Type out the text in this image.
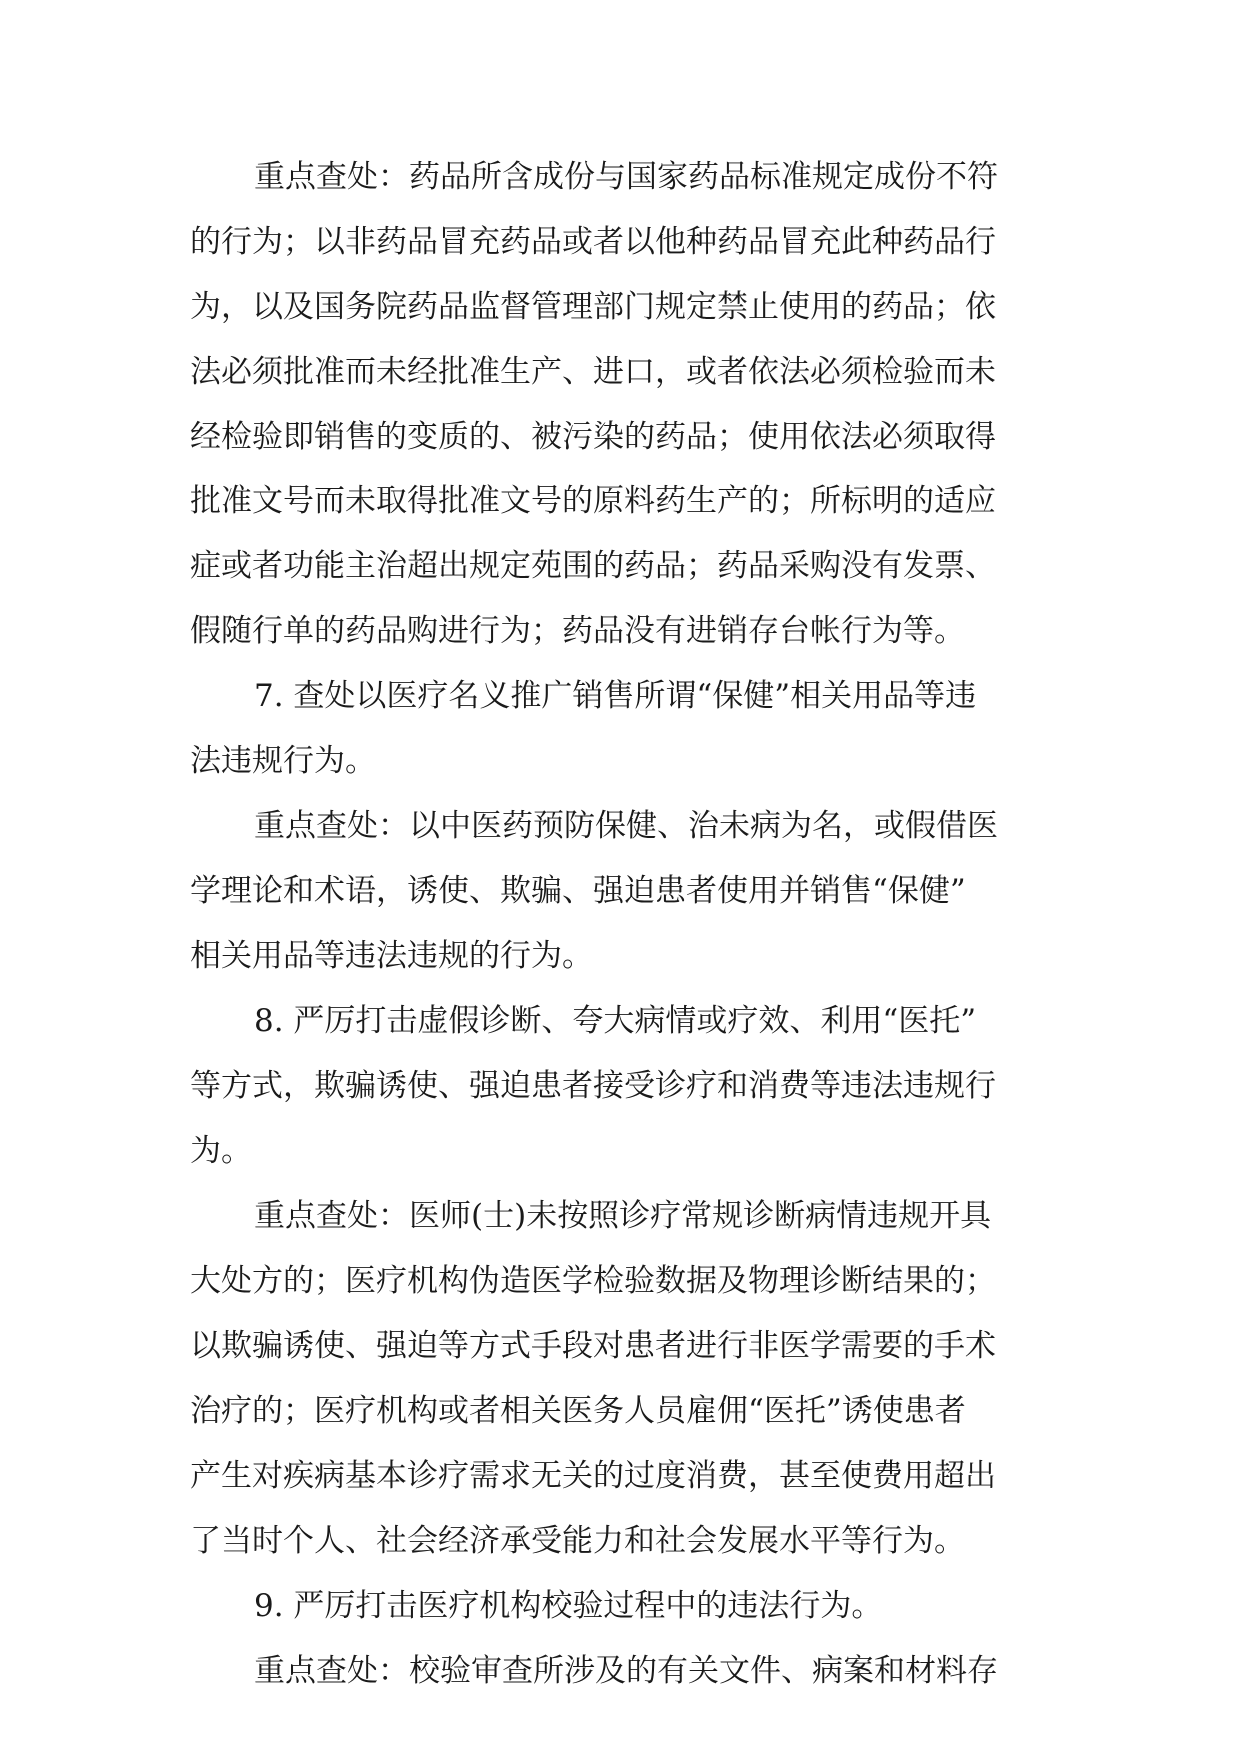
重点查处：药品所含成份与国家药品标准规定成份不符
的行为；以非药品冒充药品或者以他种药品冒充此种药品行
为，以及国务院药品监督管理部门规定禁止使用的药品；依
法必须批准而未经批准生产、进口，或者依法必须检验而未
经检验即销售的变质的、被污染的药品；使用依法必须取得
批准文号而未取得批准文号的原料药生产的；所标明的适应
症或者功能主治超出规定苑围的药品；药品采购没有发票、
假随行单的药品购进行为；药品没有进销存台帐行为等。
7. 查处以医疗名义推广销售所谓“保健”相关用品等违
法违规行为。
重点查处：以中医药预防保健、治未病为名，或假借医
学理论和术语，诱使、欺骗、强迫患者使用并销售“保健”
相关用品等违法违规的行为。
8. 严厉打击虚假诊断、夸大病情或疗效、利用“医托”
等方式，欺骗诱使、强迫患者接受诊疗和消费等违法违规行
为。
重点查处：医师(士)未按照诊疗常规诊断病情违规开具
大处方的；医疗机构伪造医学检验数据及物理诊断结果的；
以欺骗诱使、强迫等方式手段对患者进行非医学需要的手术
治疗的；医疗机构或者相关医务人员雇佣“医托”诱使患者
产生对疾病基本诊疗需求无关的过度消费，甚至使费用超出
了当时个人、社会经济承受能力和社会发展水平等行为。
9. 严厉打击医疗机构校验过程中的违法行为。
重点查处：校验审查所涉及的有关文件、病案和材料存
